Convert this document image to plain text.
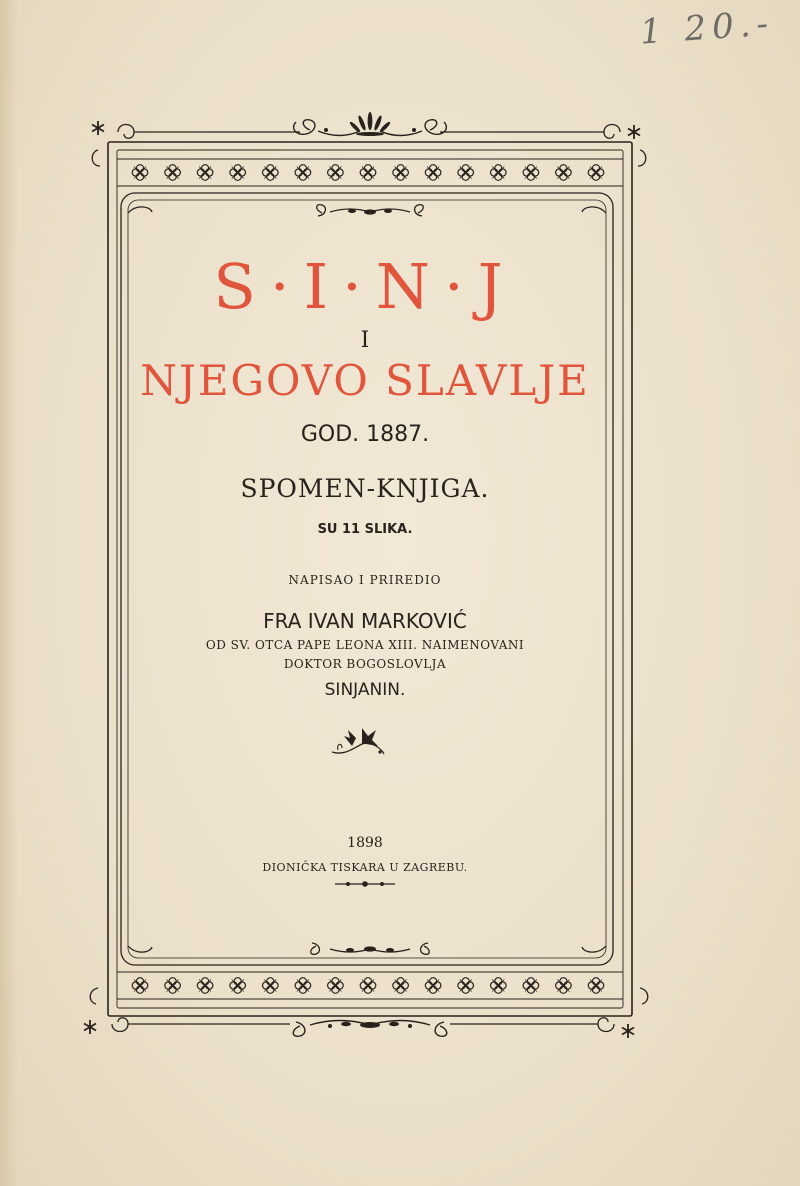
1 20.-
S·I·N·J
I
NJEGOVO SLAVLJE
GOD. 1887.
SPOMEN-KNJIGA.
SU 11 SLIKA.
NAPISAO I PRIREDIO
FRA IVAN MARKOVIĆ
OD SV. OTCA PAPE LEONA XIII. NAIMENOVANI
DOKTOR BOGOSLOVLJA
SINJANIN.
1898
DIONIČKA TISKARA U ZAGREBU.
